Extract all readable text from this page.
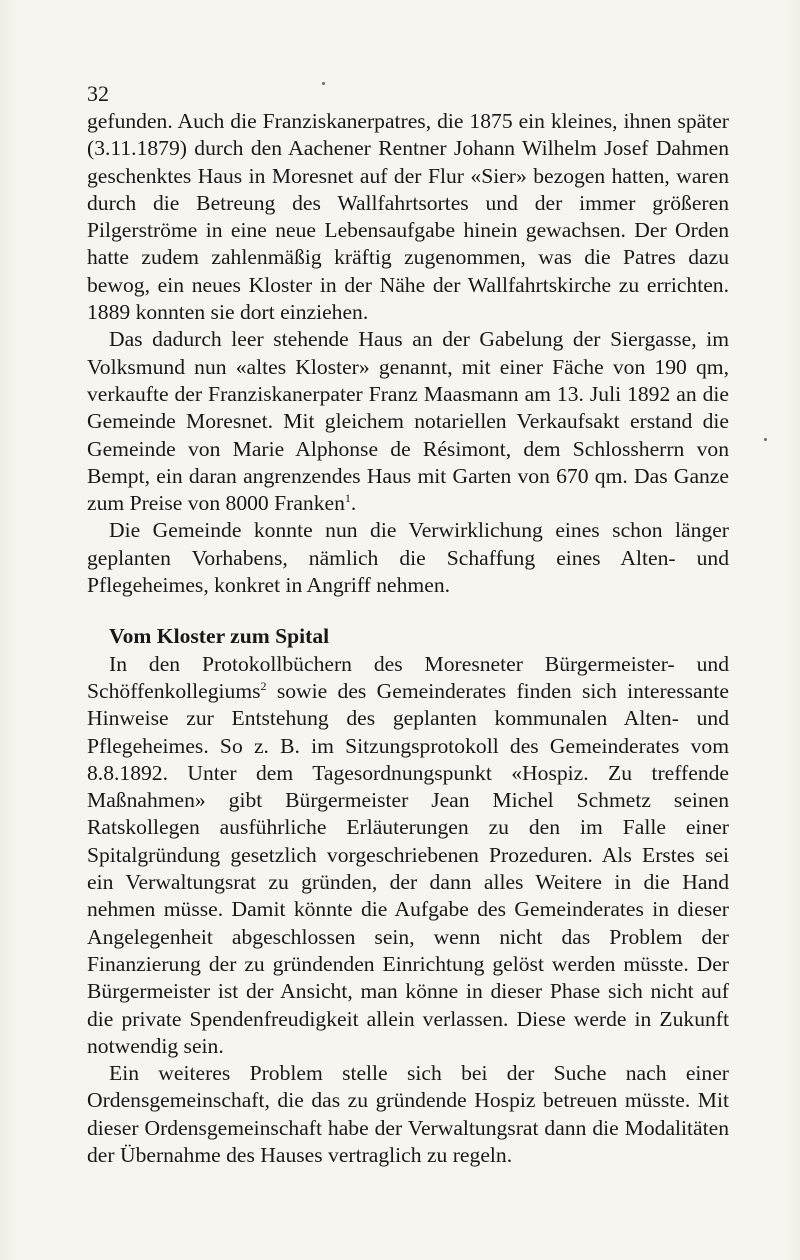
32

gefunden. Auch die Franziskanerpatres, die 1875 ein kleines, ihnen später (3.11.1879) durch den Aachener Rentner Johann Wilhelm Josef Dahmen geschenktes Haus in Moresnet auf der Flur «Sier» bezogen hatten, waren durch die Betreung des Wallfahrtsortes und der immer größeren Pilgerströme in eine neue Lebensaufgabe hinein gewachsen. Der Orden hatte zudem zahlenmäßig kräftig zugenommen, was die Patres dazu bewog, ein neues Kloster in der Nähe der Wallfahrtskirche zu errichten. 1889 konnten sie dort einziehen.

Das dadurch leer stehende Haus an der Gabelung der Siergasse, im Volksmund nun «altes Kloster» genannt, mit einer Fäche von 190 qm, verkaufte der Franziskanerpater Franz Maasmann am 13. Juli 1892 an die Gemeinde Moresnet. Mit gleichem notariellen Verkaufsakt erstand die Gemeinde von Marie Alphonse de Résimont, dem Schlossherrn von Bempt, ein daran angrenzendes Haus mit Garten von 670 qm. Das Ganze zum Preise von 8000 Franken$^1$.

Die Gemeinde konnte nun die Verwirklichung eines schon länger geplanten Vorhabens, nämlich die Schaffung eines Alten- und Pflegeheimes, konkret in Angriff nehmen.

Vom Kloster zum Spital

In den Protokollbüchern des Moresneter Bürgermeister- und Schöffenkollegiums$^2$ sowie des Gemeinderates finden sich interessante Hinweise zur Entstehung des geplanten kommunalen Alten- und Pflegeheimes. So z. B. im Sitzungsprotokoll des Gemeinderates vom 8.8.1892. Unter dem Tagesordnungspunkt «Hospiz. Zu treffende Maßnahmen» gibt Bürgermeister Jean Michel Schmetz seinen Ratskollegen ausführliche Erläuterungen zu den im Falle einer Spitalgründung gesetzlich vorgeschriebenen Prozeduren. Als Erstes sei ein Verwaltungsrat zu gründen, der dann alles Weitere in die Hand nehmen müsse. Damit könnte die Aufgabe des Gemeinderates in dieser Angelegenheit abgeschlossen sein, wenn nicht das Problem der Finanzierung der zu gründenden Einrichtung gelöst werden müsste. Der Bürgermeister ist der Ansicht, man könne in dieser Phase sich nicht auf die private Spendenfreudigkeit allein verlassen. Diese werde in Zukunft notwendig sein.

Ein weiteres Problem stelle sich bei der Suche nach einer Ordensgemeinschaft, die das zu gründende Hospiz betreuen müsste. Mit dieser Ordensgemeinschaft habe der Verwaltungsrat dann die Modalitäten der Übernahme des Hauses vertraglich zu regeln.
